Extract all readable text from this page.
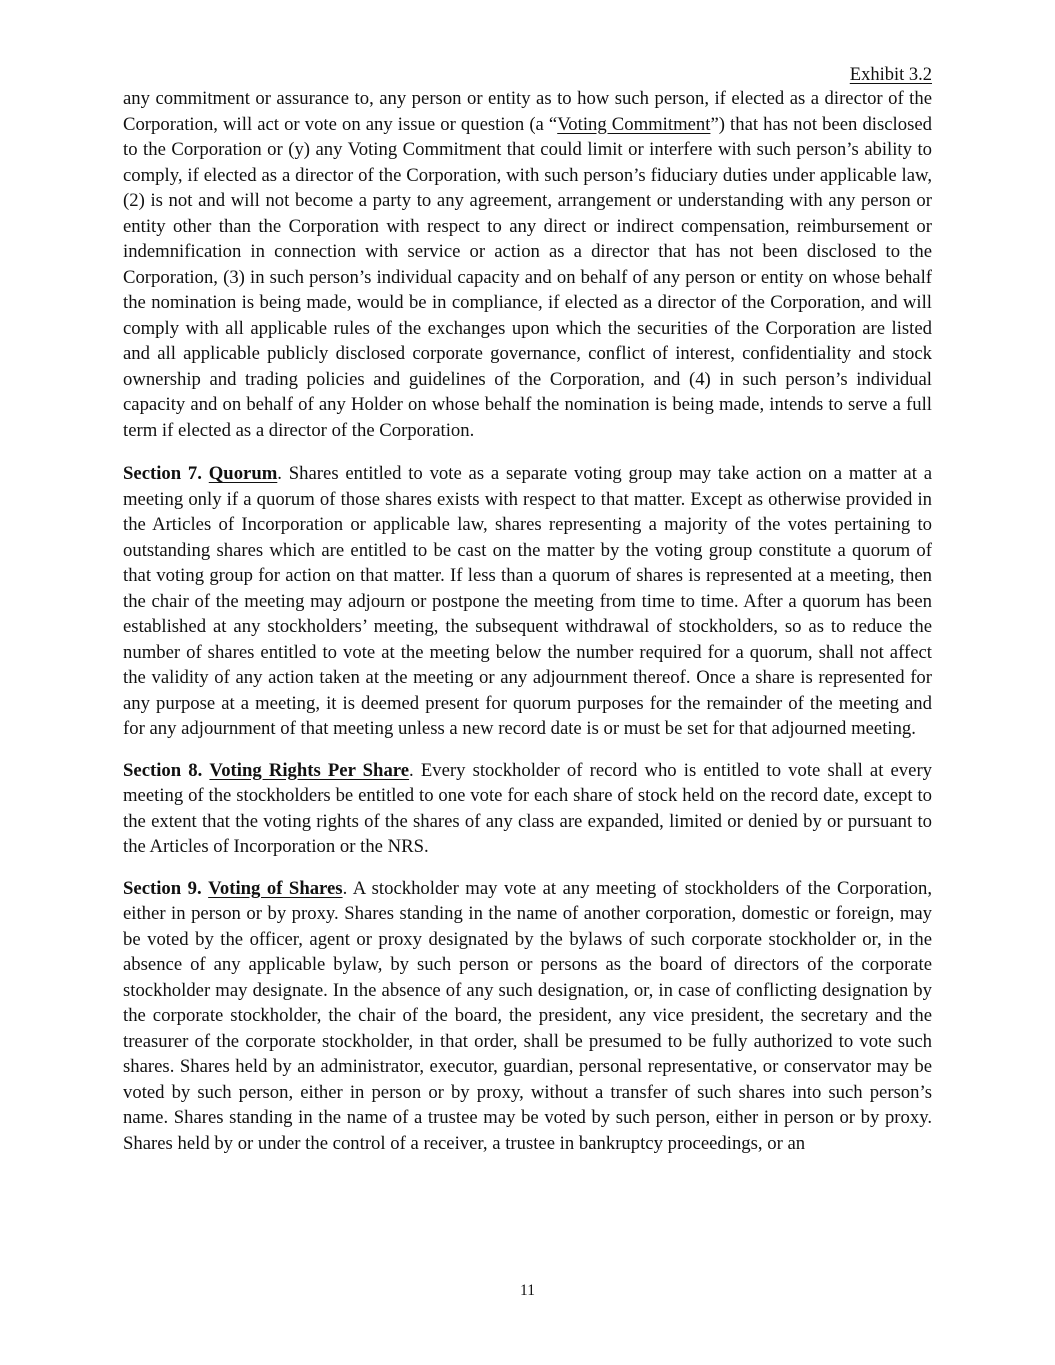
Exhibit 3.2

any commitment or assurance to, any person or entity as to how such person, if elected as a director of the Corporation, will act or vote on any issue or question (a “Voting Commitment”) that has not been disclosed to the Corporation or (y) any Voting Commitment that could limit or interfere with such person’s ability to comply, if elected as a director of the Corporation, with such person’s fiduciary duties under applicable law, (2) is not and will not become a party to any agreement, arrangement or understanding with any person or entity other than the Corporation with respect to any direct or indirect compensation, reimbursement or indemnification in connection with service or action as a director that has not been disclosed to the Corporation, (3) in such person’s individual capacity and on behalf of any person or entity on whose behalf the nomination is being made, would be in compliance, if elected as a director of the Corporation, and will comply with all applicable rules of the exchanges upon which the securities of the Corporation are listed and all applicable publicly disclosed corporate governance, conflict of interest, confidentiality and stock ownership and trading policies and guidelines of the Corporation, and (4) in such person’s individual capacity and on behalf of any Holder on whose behalf the nomination is being made, intends to serve a full term if elected as a director of the Corporation.

Section 7. Quorum. Shares entitled to vote as a separate voting group may take action on a matter at a meeting only if a quorum of those shares exists with respect to that matter. Except as otherwise provided in the Articles of Incorporation or applicable law, shares representing a majority of the votes pertaining to outstanding shares which are entitled to be cast on the matter by the voting group constitute a quorum of that voting group for action on that matter. If less than a quorum of shares is represented at a meeting, then the chair of the meeting may adjourn or postpone the meeting from time to time. After a quorum has been established at any stockholders’ meeting, the subsequent withdrawal of stockholders, so as to reduce the number of shares entitled to vote at the meeting below the number required for a quorum, shall not affect the validity of any action taken at the meeting or any adjournment thereof. Once a share is represented for any purpose at a meeting, it is deemed present for quorum purposes for the remainder of the meeting and for any adjournment of that meeting unless a new record date is or must be set for that adjourned meeting.

Section 8. Voting Rights Per Share. Every stockholder of record who is entitled to vote shall at every meeting of the stockholders be entitled to one vote for each share of stock held on the record date, except to the extent that the voting rights of the shares of any class are expanded, limited or denied by or pursuant to the Articles of Incorporation or the NRS.

Section 9. Voting of Shares. A stockholder may vote at any meeting of stockholders of the Corporation, either in person or by proxy. Shares standing in the name of another corporation, domestic or foreign, may be voted by the officer, agent or proxy designated by the bylaws of such corporate stockholder or, in the absence of any applicable bylaw, by such person or persons as the board of directors of the corporate stockholder may designate. In the absence of any such designation, or, in case of conflicting designation by the corporate stockholder, the chair of the board, the president, any vice president, the secretary and the treasurer of the corporate stockholder, in that order, shall be presumed to be fully authorized to vote such shares. Shares held by an administrator, executor, guardian, personal representative, or conservator may be voted by such person, either in person or by proxy, without a transfer of such shares into such person’s name. Shares standing in the name of a trustee may be voted by such person, either in person or by proxy. Shares held by or under the control of a receiver, a trustee in bankruptcy proceedings, or an

11
